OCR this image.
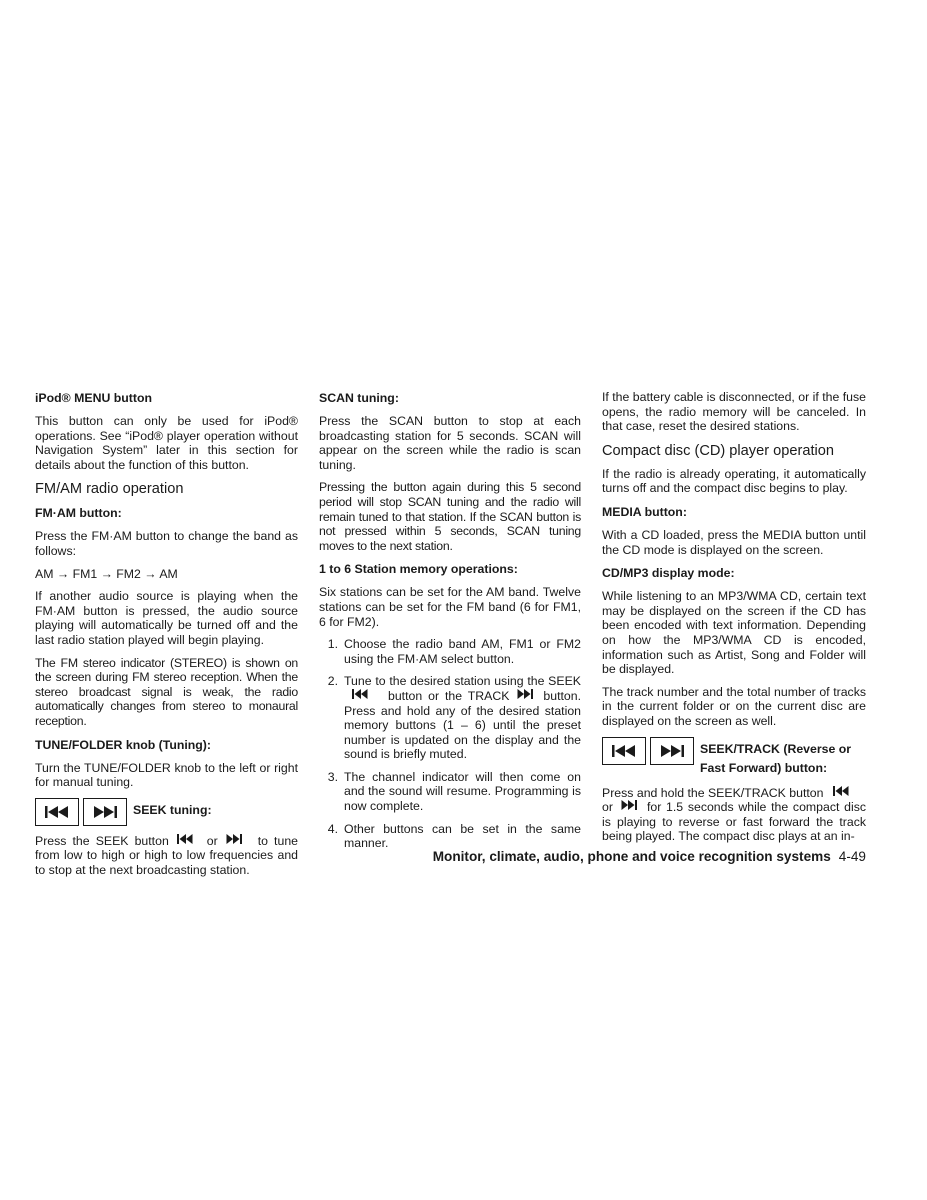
iPod® MENU button
This button can only be used for iPod® operations. See “iPod® player operation without Navigation System” later in this section for details about the function of this button.
FM/AM radio operation
FM·AM button:
Press the FM·AM button to change the band as follows:
AM → FM1 → FM2 → AM
If another audio source is playing when the FM·AM button is pressed, the audio source playing will automatically be turned off and the last radio station played will begin playing.
The FM stereo indicator (STEREO) is shown on the screen during FM stereo reception. When the stereo broadcast signal is weak, the radio automatically changes from stereo to monaural reception.
TUNE/FOLDER knob (Tuning):
Turn the TUNE/FOLDER knob to the left or right for manual tuning.
SEEK tuning:
Press the SEEK button	or	to tune from low to high or high to low frequencies and to stop at the next broadcasting station.
SCAN tuning:
Press the SCAN button to stop at each broadcasting station for 5 seconds. SCAN will appear on the screen while the radio is scan tuning.
Pressing the button again during this 5 second period will stop SCAN tuning and the radio will remain tuned to that station. If the SCAN button is not pressed within 5 seconds, SCAN tuning moves to the next station.
1 to 6 Station memory operations:
Six stations can be set for the AM band. Twelve stations can be set for the FM band (6 for FM1, 6 for FM2).
1. Choose the radio band AM, FM1 or FM2 using the FM·AM select button.
2. Tune to the desired station using the SEEKbutton or the TRACK	button. Press and hold any of the desired station memory buttons (1 – 6) until the preset number is updated on the display and the sound is briefly muted.
3. The channel indicator will then come on and the sound will resume. Programming is now complete.
4. Other buttons can be set in the same manner.
If the battery cable is disconnected, or if the fuse opens, the radio memory will be canceled. In that case, reset the desired stations.
Compact disc (CD) player operation
If the radio is already operating, it automatically turns off and the compact disc begins to play.
MEDIA button:
With a CD loaded, press the MEDIA button until the CD mode is displayed on the screen.
CD/MP3 display mode:
While listening to an MP3/WMA CD, certain text may be displayed on the screen if the CD has been encoded with text information. Depending on how the MP3/WMA CD is encoded, information such as Artist, Song and Folder will be displayed.
The track number and the total number of tracks in the current folder or on the current disc are displayed on the screen as well.
SEEK/TRACK (Reverse or Fast Forward) button:
Press and hold the SEEK/TRACK button
or	for 1.5 seconds while the compact disc is playing to reverse or fast forward the track being played. The compact disc plays at an in-
Monitor, climate, audio, phone and voice recognition systems 4-49
